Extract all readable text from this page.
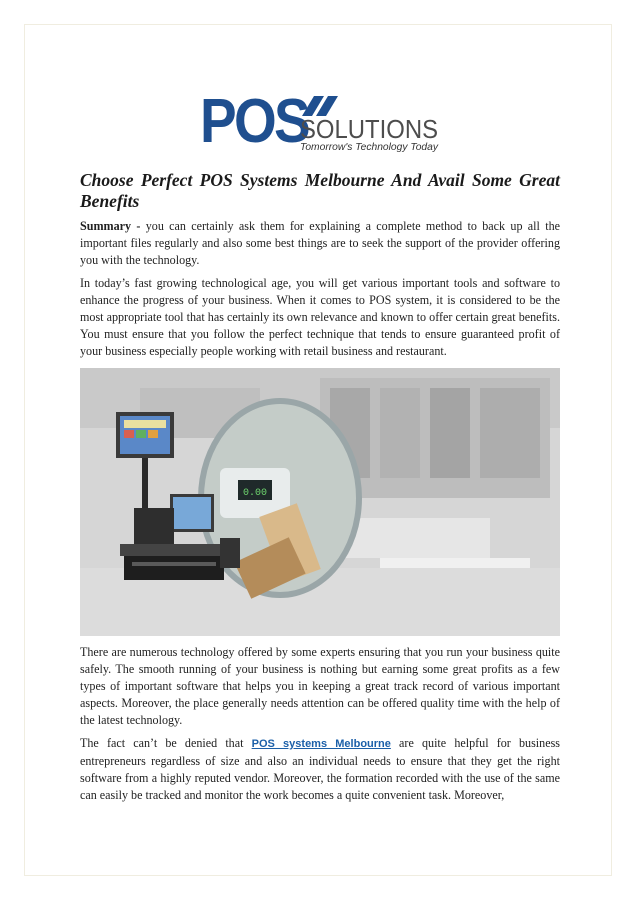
POS
SOLUTIONS
Tomorrow's Technology Today
Choose Perfect POS Systems Melbourne And Avail Some Great Benefits

Summary - you can certainly ask them for explaining a complete method to back up all the important files regularly and also some best things are to seek the support of the provider offering you with the technology.

In today’s fast growing technological age, you will get various important tools and software to enhance the progress of your business. When it comes to POS system, it is considered to be the most appropriate tool that has certainly its own relevance and known to offer certain great benefits. You must ensure that you follow the perfect technique that tends to ensure guaranteed profit of your business especially people working with retail business and restaurant.

0.00

There are numerous technology offered by some experts ensuring that you run your business quite safely. The smooth running of your business is nothing but earning some great profits as a few types of important software that helps you in keeping a great track record of various important aspects. Moreover, the place generally needs attention can be offered quality time with the help of the latest technology.

The fact can’t be denied that POS systems Melbourne are quite helpful for business entrepreneurs regardless of size and also an individual needs to ensure that they get the right software from a highly reputed vendor. Moreover, the formation recorded with the use of the same can easily be tracked and monitor the work becomes a quite convenient task. Moreover,
